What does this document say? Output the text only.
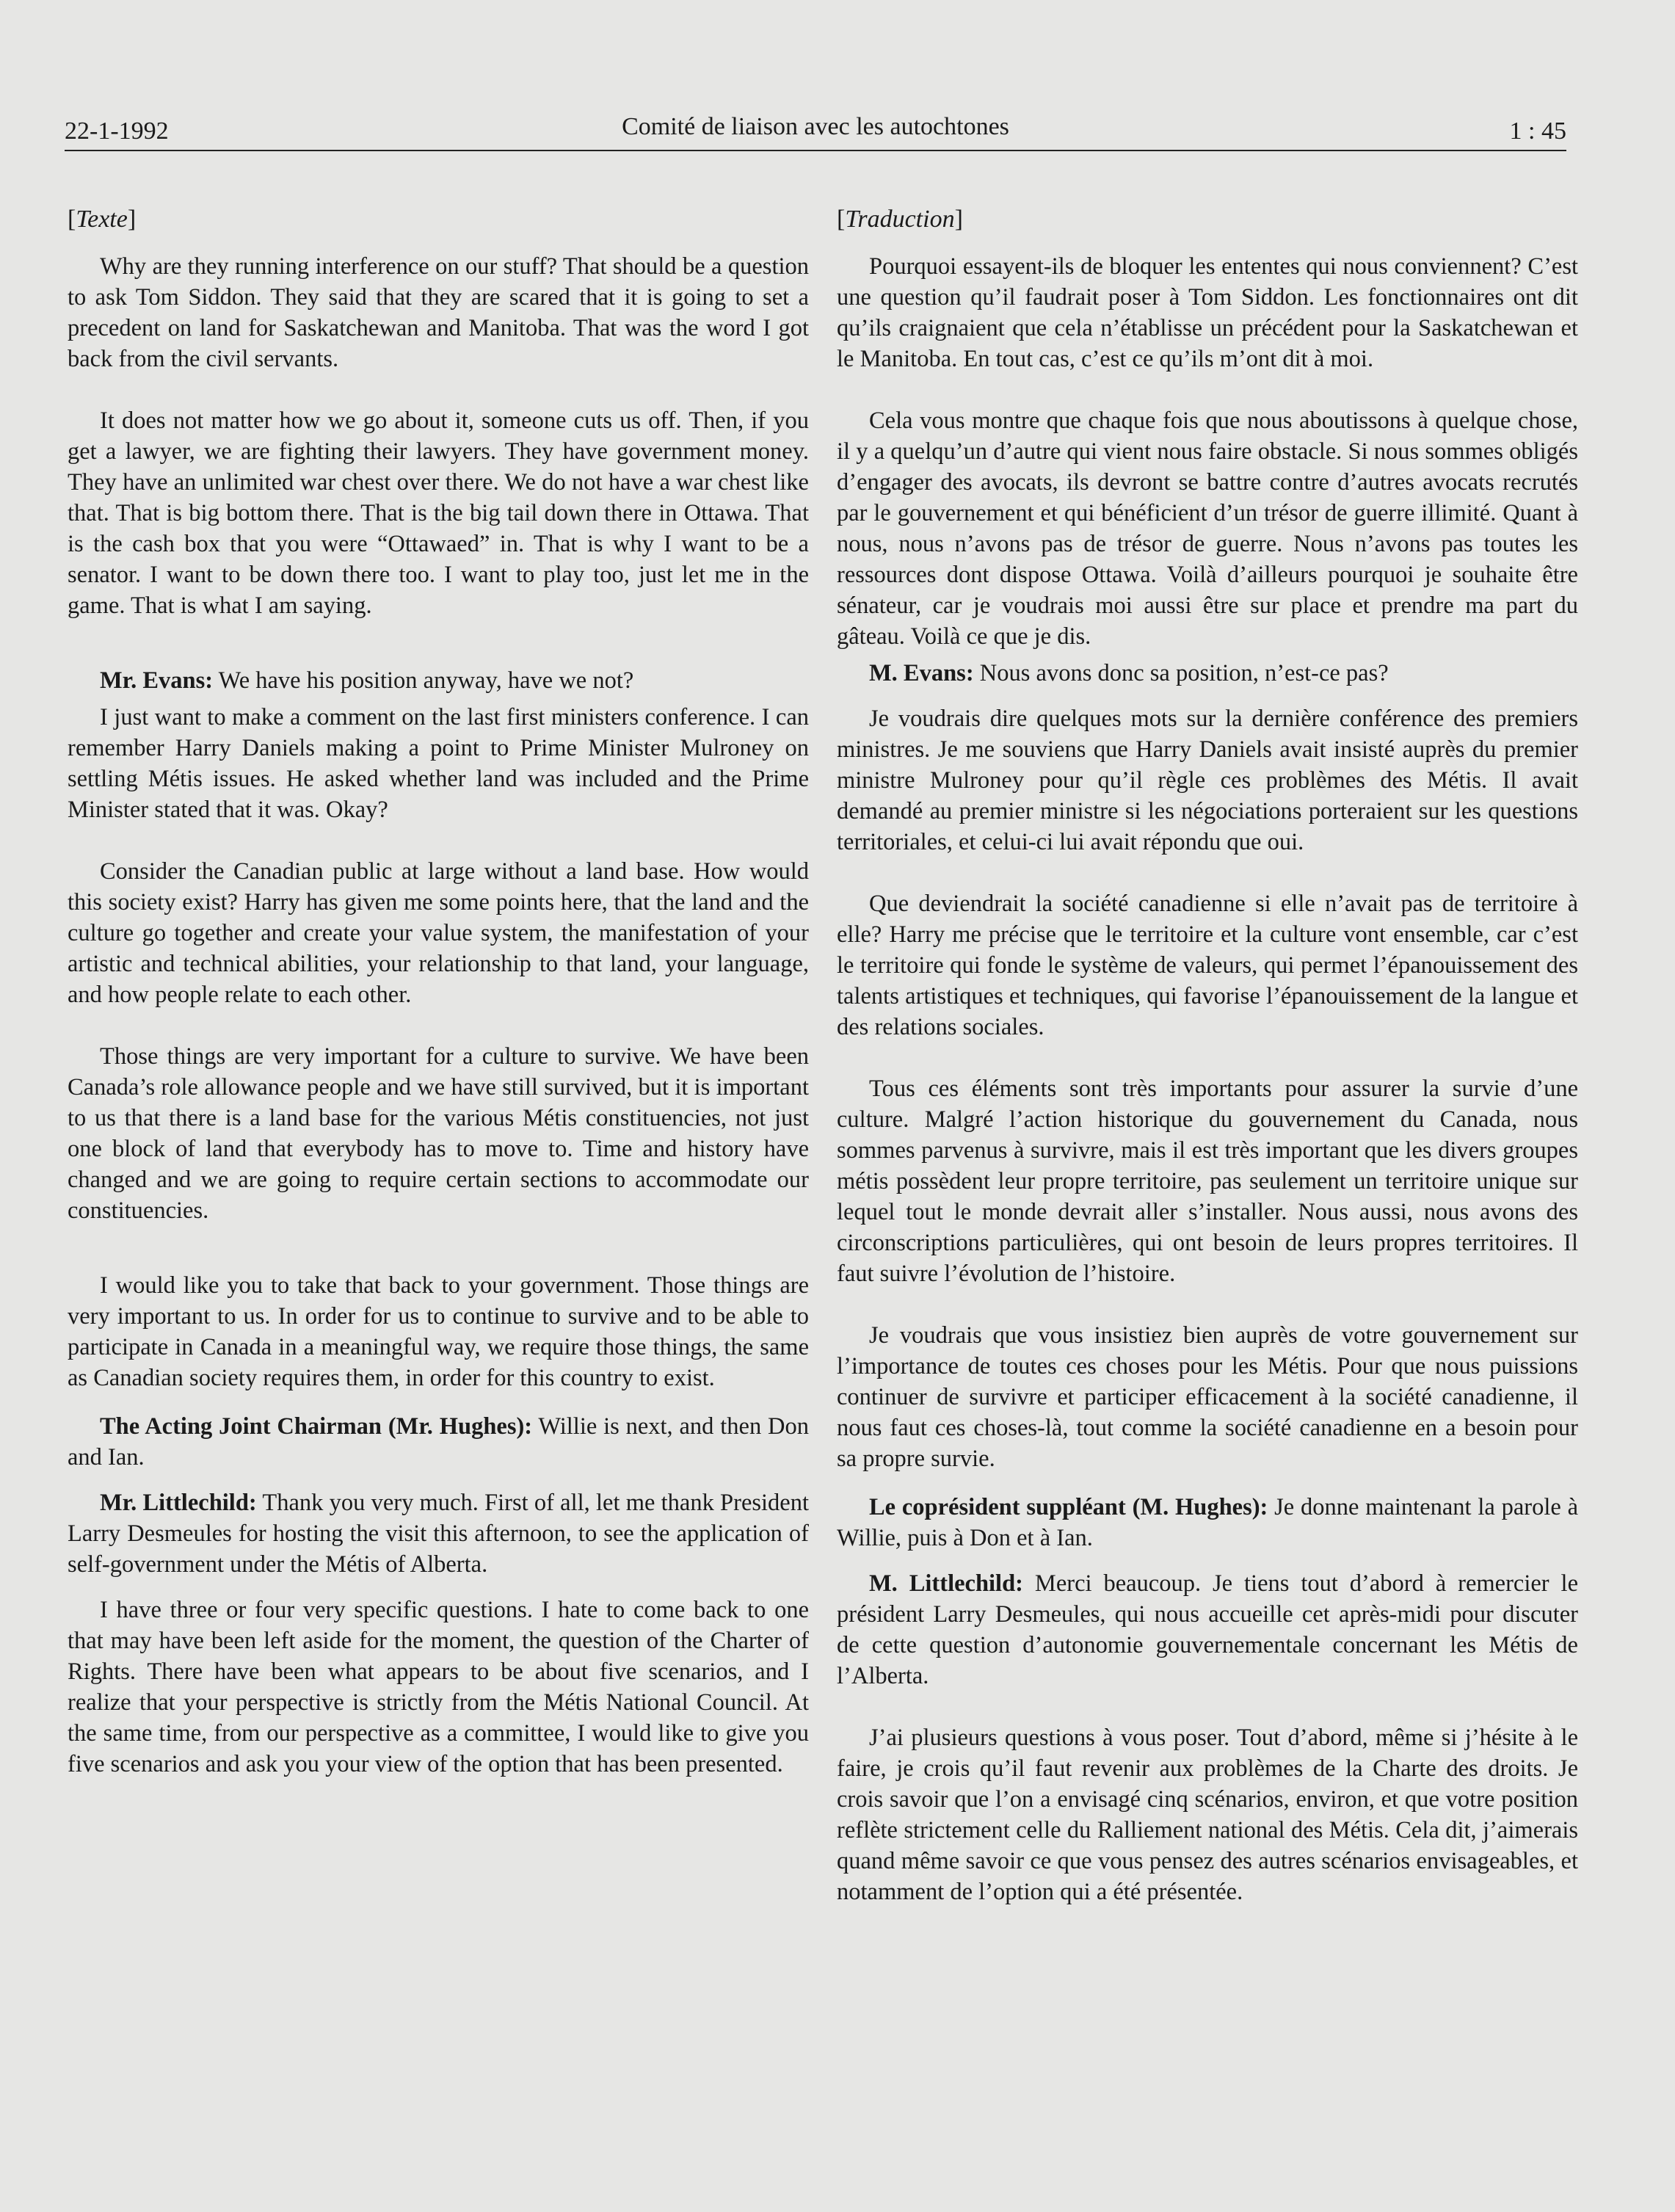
22-1-1992	Comité de liaison avec les autochtones	1 : 45
[Texte]

Why are they running interference on our stuff? That should be a question to ask Tom Siddon. They said that they are scared that it is going to set a precedent on land for Saskatchewan and Manitoba. That was the word I got back from the civil servants.

It does not matter how we go about it, someone cuts us off. Then, if you get a lawyer, we are fighting their lawyers. They have government money. They have an unlimited war chest over there. We do not have a war chest like that. That is big bottom there. That is the big tail down there in Ottawa. That is the cash box that you were “Ottawaed” in. That is why I want to be a senator. I want to be down there too. I want to play too, just let me in the game. That is what I am saying.

Mr. Evans: We have his position anyway, have we not?

I just want to make a comment on the last first ministers conference. I can remember Harry Daniels making a point to Prime Minister Mulroney on settling Métis issues. He asked whether land was included and the Prime Minister stated that it was. Okay?

Consider the Canadian public at large without a land base. How would this society exist? Harry has given me some points here, that the land and the culture go together and create your value system, the manifestation of your artistic and technical abilities, your relationship to that land, your language, and how people relate to each other.

Those things are very important for a culture to survive. We have been Canada’s role allowance people and we have still survived, but it is important to us that there is a land base for the various Métis constituencies, not just one block of land that everybody has to move to. Time and history have changed and we are going to require certain sections to accommodate our constituencies.

I would like you to take that back to your government. Those things are very important to us. In order for us to continue to survive and to be able to participate in Canada in a meaningful way, we require those things, the same as Canadian society requires them, in order for this country to exist.

The Acting Joint Chairman (Mr. Hughes): Willie is next, and then Don and Ian.

Mr. Littlechild: Thank you very much. First of all, let me thank President Larry Desmeules for hosting the visit this afternoon, to see the application of self-government under the Métis of Alberta.

I have three or four very specific questions. I hate to come back to one that may have been left aside for the moment, the question of the Charter of Rights. There have been what appears to be about five scenarios, and I realize that your perspective is strictly from the Métis National Council. At the same time, from our perspective as a committee, I would like to give you five scenarios and ask you your view of the option that has been presented.

[Traduction]

Pourquoi essayent-ils de bloquer les ententes qui nous conviennent? C’est une question qu’il faudrait poser à Tom Siddon. Les fonctionnaires ont dit qu’ils craignaient que cela n’établisse un précédent pour la Saskatchewan et le Manitoba. En tout cas, c’est ce qu’ils m’ont dit à moi.

Cela vous montre que chaque fois que nous aboutissons à quelque chose, il y a quelqu’un d’autre qui vient nous faire obstacle. Si nous sommes obligés d’engager des avocats, ils devront se battre contre d’autres avocats recrutés par le gouvernement et qui bénéficient d’un trésor de guerre illimité. Quant à nous, nous n’avons pas de trésor de guerre. Nous n’avons pas toutes les ressources dont dispose Ottawa. Voilà d’ailleurs pourquoi je souhaite être sénateur, car je voudrais moi aussi être sur place et prendre ma part du gâteau. Voilà ce que je dis.

M. Evans: Nous avons donc sa position, n’est-ce pas?

Je voudrais dire quelques mots sur la dernière conférence des premiers ministres. Je me souviens que Harry Daniels avait insisté auprès du premier ministre Mulroney pour qu’il règle ces problèmes des Métis. Il avait demandé au premier ministre si les négociations porteraient sur les questions territoriales, et celui-ci lui avait répondu que oui.

Que deviendrait la société canadienne si elle n’avait pas de territoire à elle? Harry me précise que le territoire et la culture vont ensemble, car c’est le territoire qui fonde le système de valeurs, qui permet l’épanouissement des talents artistiques et techniques, qui favorise l’épanouissement de la langue et des relations sociales.

Tous ces éléments sont très importants pour assurer la survie d’une culture. Malgré l’action historique du gouvernement du Canada, nous sommes parvenus à survivre, mais il est très important que les divers groupes métis possèdent leur propre territoire, pas seulement un territoire unique sur lequel tout le monde devrait aller s’installer. Nous aussi, nous avons des circonscriptions particulières, qui ont besoin de leurs propres territoires. Il faut suivre l’évolution de l’histoire.

Je voudrais que vous insistiez bien auprès de votre gouvernement sur l’importance de toutes ces choses pour les Métis. Pour que nous puissions continuer de survivre et participer efficacement à la société canadienne, il nous faut ces choses-là, tout comme la société canadienne en a besoin pour sa propre survie.

Le coprésident suppléant (M. Hughes): Je donne maintenant la parole à Willie, puis à Don et à Ian.

M. Littlechild: Merci beaucoup. Je tiens tout d’abord à remercier le président Larry Desmeules, qui nous accueille cet après-midi pour discuter de cette question d’autonomie gouvernementale concernant les Métis de l’Alberta.

J’ai plusieurs questions à vous poser. Tout d’abord, même si j’hésite à le faire, je crois qu’il faut revenir aux problèmes de la Charte des droits. Je crois savoir que l’on a envisagé cinq scénarios, environ, et que votre position reflète strictement celle du Ralliement national des Métis. Cela dit, j’aimerais quand même savoir ce que vous pensez des autres scénarios envisageables, et notamment de l’option qui a été présentée.
